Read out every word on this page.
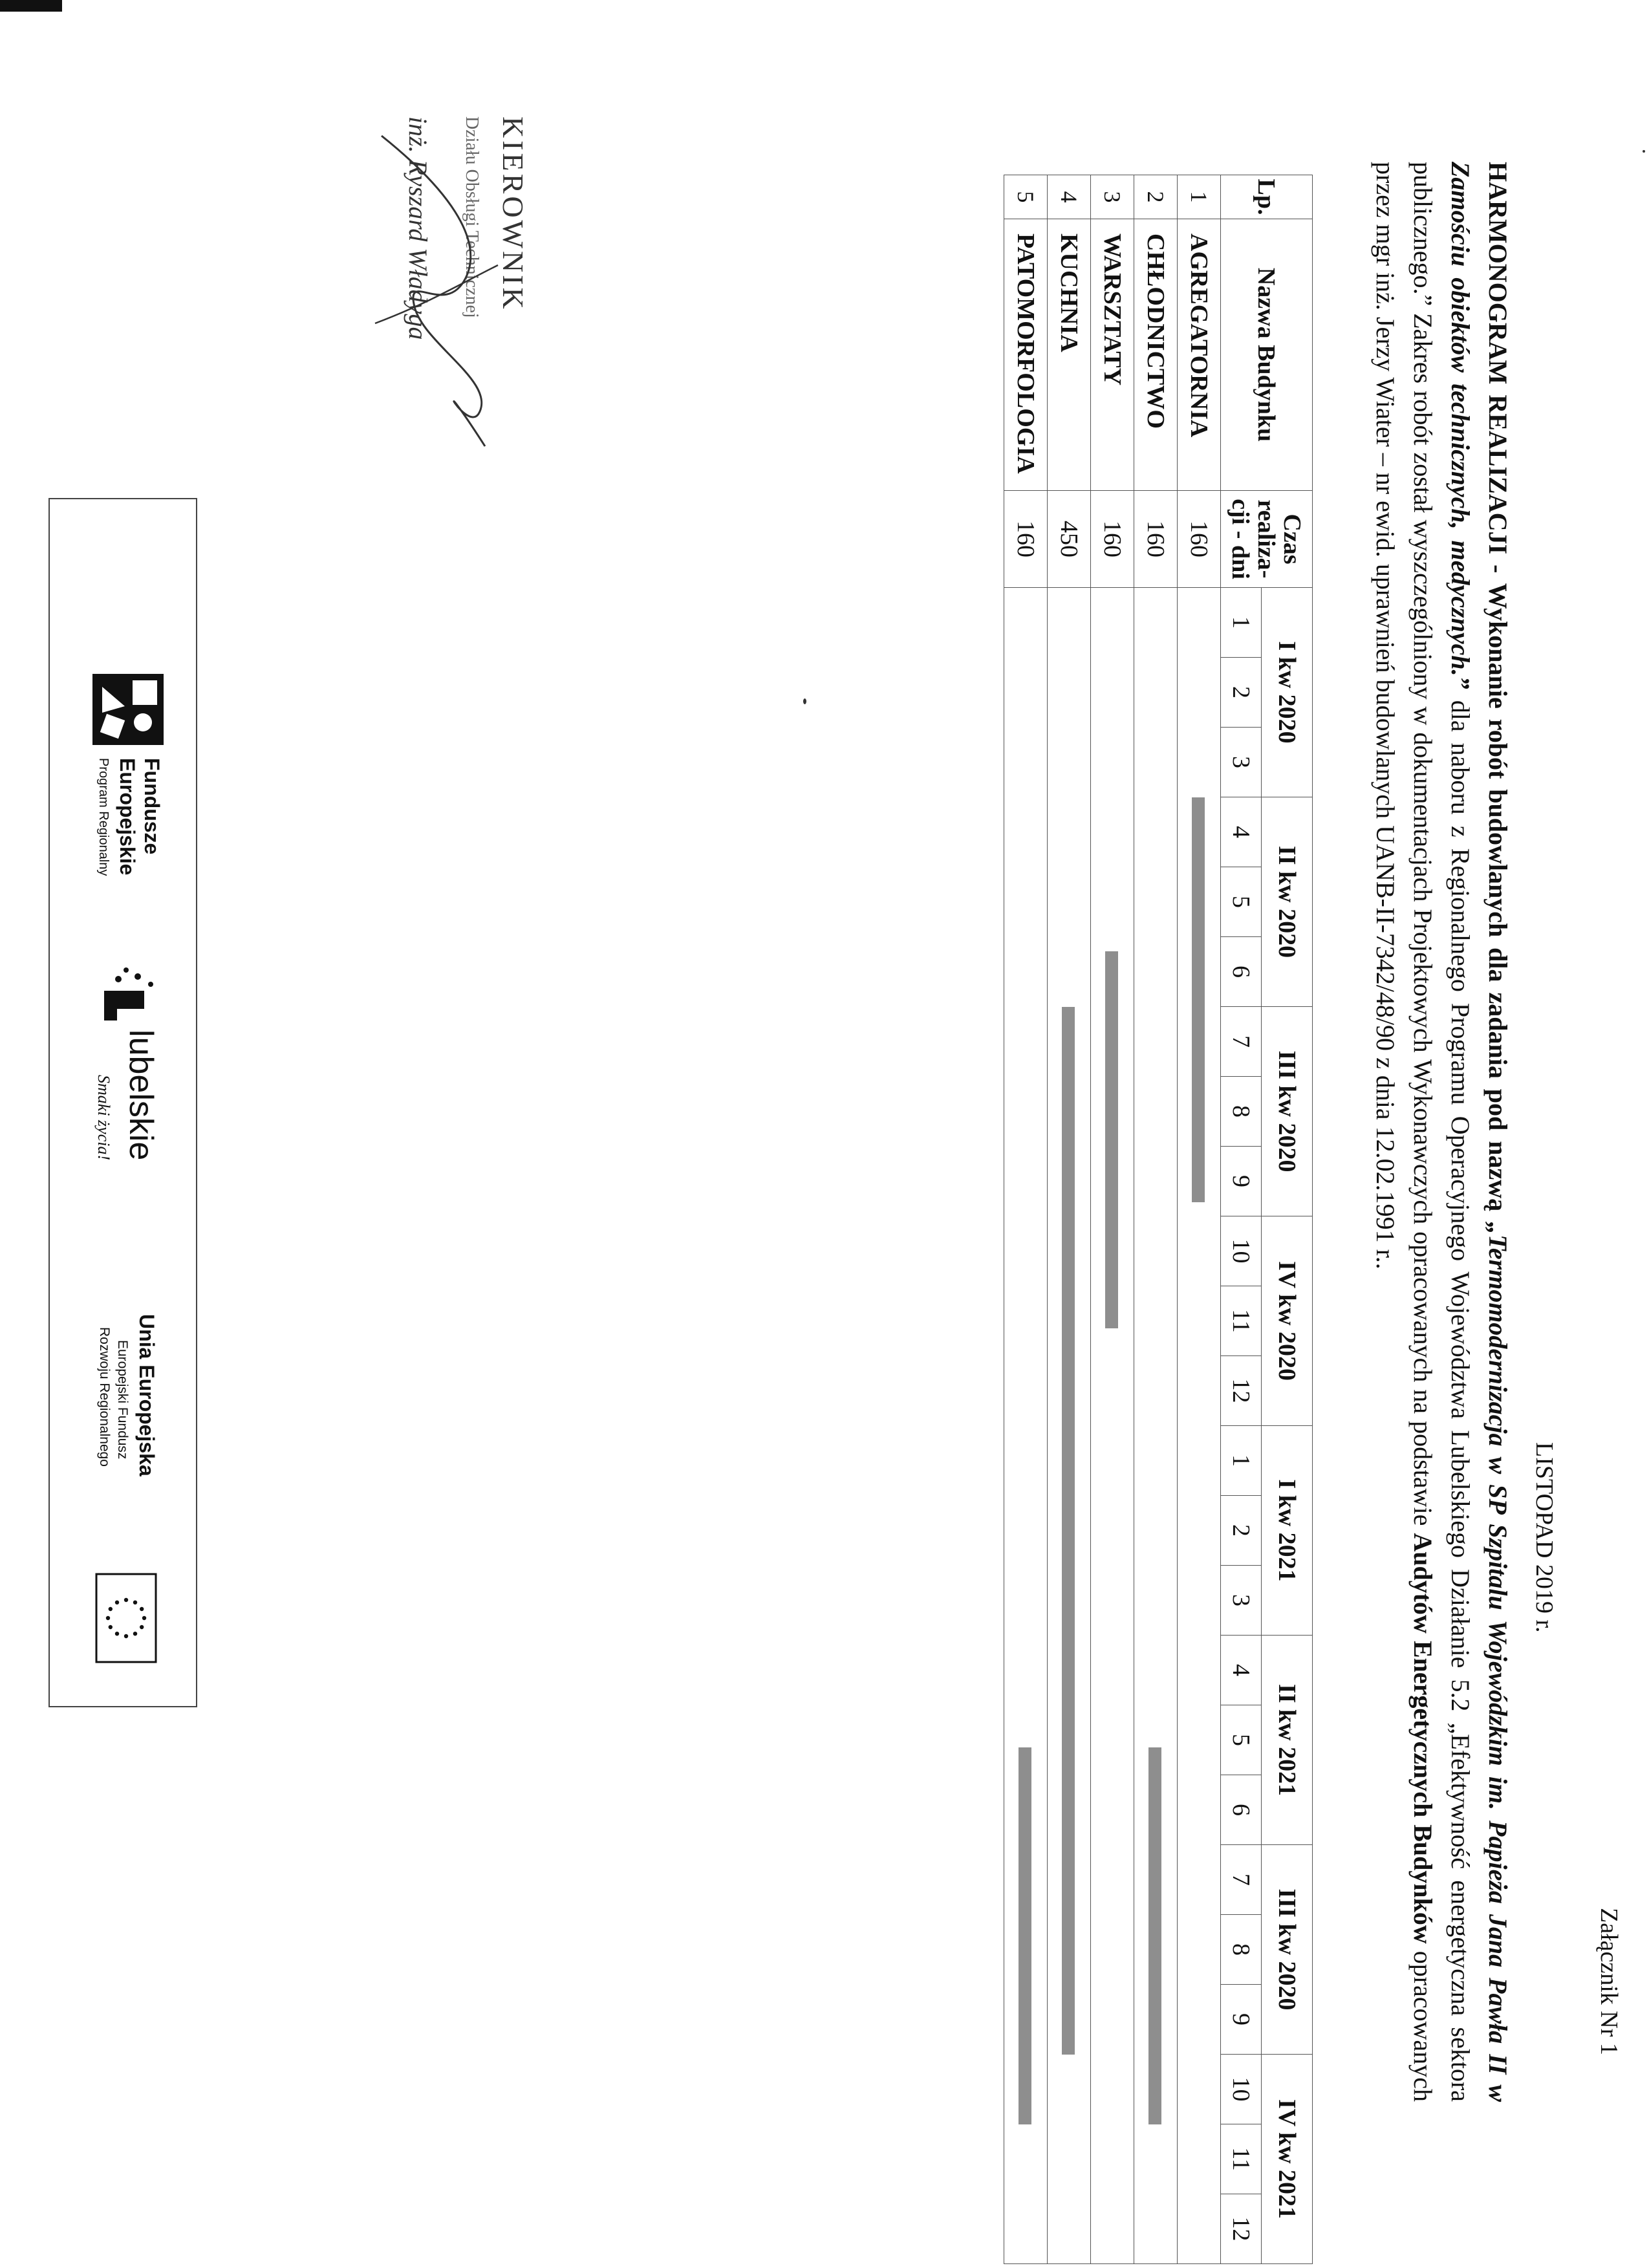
Załącznik Nr 1
LISTOPAD 2019 r.
HARMONOGRAM REALIZACJI - Wykonanie robót budowlanych dla zadania pod nazwą „Termomodernizacja w SP Szpitalu Wojewódzkim im. Papieża Jana Pawła II w Zamościu obiektów technicznych, medycznych.” dla naboru z Regionalnego Programu Operacyjnego Województwa Lubelskiego Działanie 5.2 „Efektywność energetyczna sektora publicznego.” Zakres robót został wyszczególniony w dokumentacjach Projektowych Wykonawczych opracowanych na podstawie Audytów Energetycznych Budynków opracowanych przez mgr inż. Jerzy Wiater – nr ewid. uprawnień budowlanych UANB-II-7342/48/90 z dnia 12.02.1991 r..
Lp.	Nazwa Budynku	Czas realiza-cji - dni	I kw 2020			II kw 2020			III kw 2020			IV kw 2020			I kw 2021			II kw 2021			III kw 2020			IV kw 2021		
			1	2	3	4	5	6	7	8	9	10	11	12	1	2	3	4	5	6	7	8	9	10	11	12
1	AGREGATORNIA	160																								

2	CHŁODNICTWO	160																								

3	WARSZTATY	160																								

4	KUCHNIA	450																								

5	PATOMORFOLOGIA	160																								
KIEROWNIK
Działu Obsługi Technicznej
inż. Ryszard Władyga
Fundusze
Europejskie
Program Regionalny
lubelskie
Smaki życia!
Unia Europejska
Europejski Fundusz
Rozwoju Regionalnego
